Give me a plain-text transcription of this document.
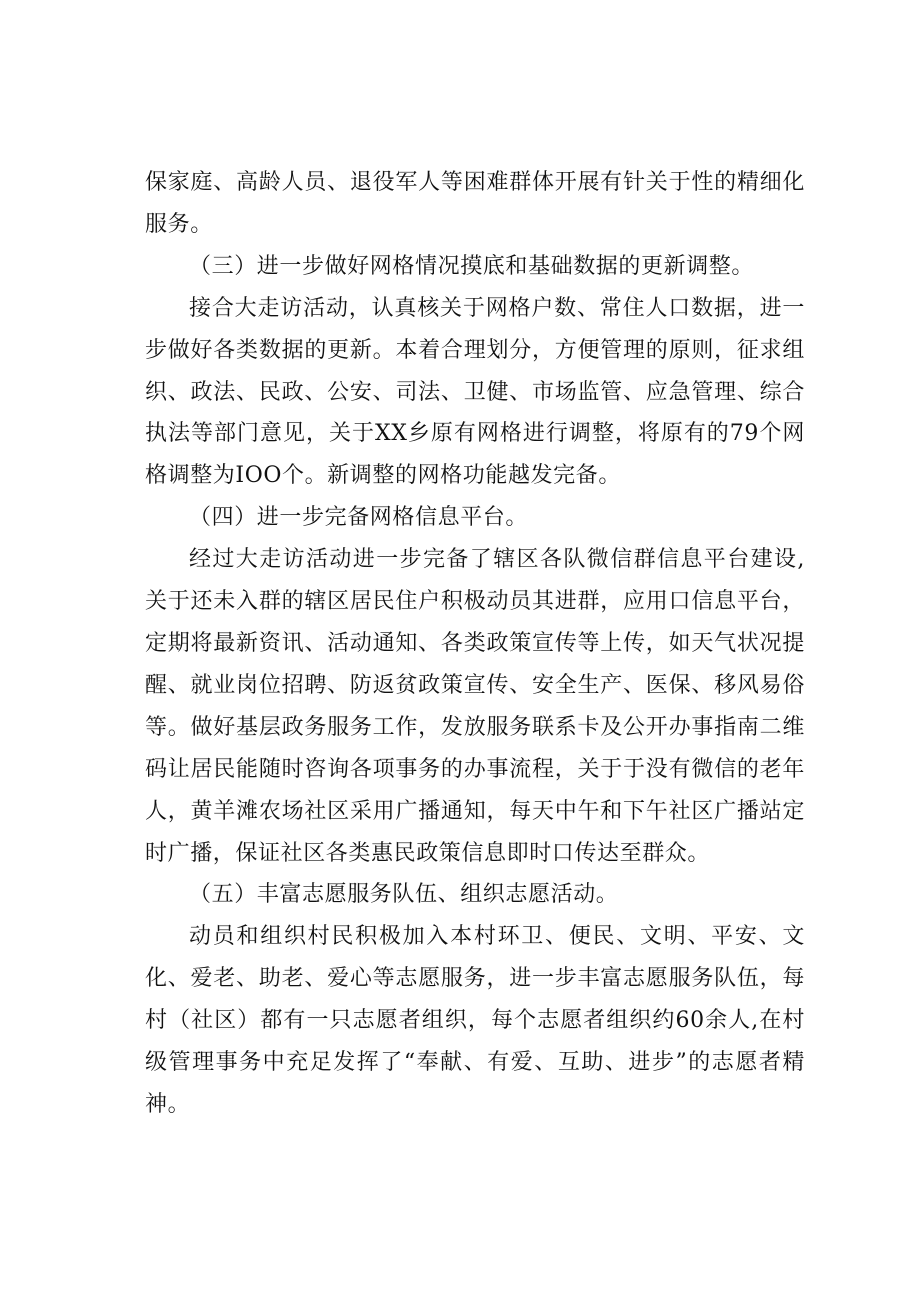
保家庭、高龄人员、退役军人等困难群体开展有针关于性的精细化服务。

（三）进一步做好网格情况摸底和基础数据的更新调整。

接合大走访活动，认真核关于网格户数、常住人口数据，进一步做好各类数据的更新。本着合理划分，方便管理的原则，征求组织、政法、民政、公安、司法、卫健、市场监管、应急管理、综合执法等部门意见，关于XX乡原有网格进行调整，将原有的79个网格调整为IOO个。新调整的网格功能越发完备。

（四）进一步完备网格信息平台。

经过大走访活动进一步完备了辖区各队微信群信息平台建设,关于还未入群的辖区居民住户积极动员其进群，应用口信息平台，定期将最新资讯、活动通知、各类政策宣传等上传，如天气状况提醒、就业岗位招聘、防返贫政策宣传、安全生产、医保、移风易俗等。做好基层政务服务工作，发放服务联系卡及公开办事指南二维码让居民能随时咨询各项事务的办事流程，关于于没有微信的老年人，黄羊滩农场社区采用广播通知，每天中午和下午社区广播站定时广播，保证社区各类惠民政策信息即时口传达至群众。

（五）丰富志愿服务队伍、组织志愿活动。

动员和组织村民积极加入本村环卫、便民、文明、平安、文化、爱老、助老、爱心等志愿服务，进一步丰富志愿服务队伍，每村（社区）都有一只志愿者组织，每个志愿者组织约60余人,在村级管理事务中充足发挥了“奉献、有爱、互助、进步”的志愿者精神。
